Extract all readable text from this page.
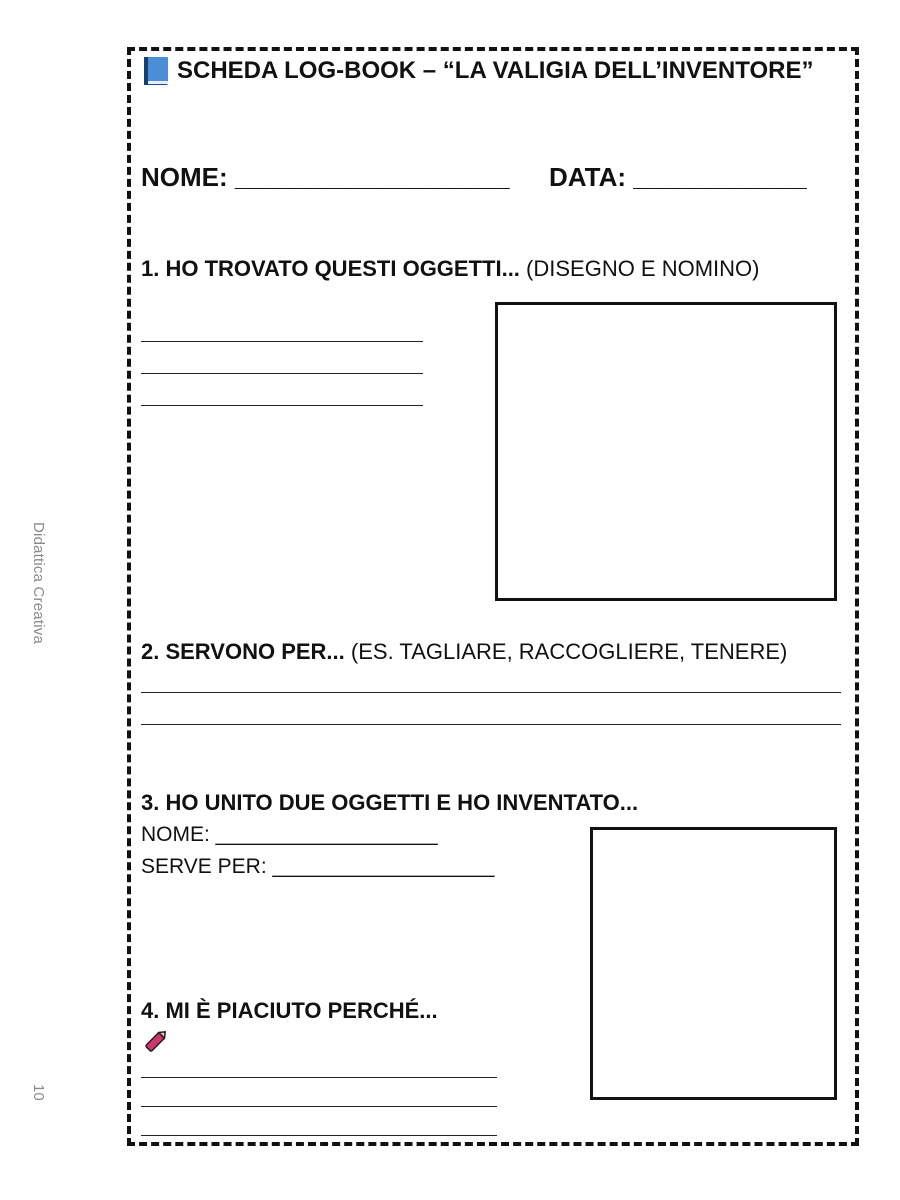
Didattica Creativa
10
SCHEDA LOG-BOOK – “LA VALIGIA DELL’INVENTORE”
NOME: ___________________ DATA: ____________
1. HO TROVATO QUESTI OGGETTI... (DISEGNO E NOMINO)
2. SERVONO PER... (ES. TAGLIARE, RACCOGLIERE, TENERE)
3. HO UNITO DUE OGGETTI E HO INVENTATO...
NOME: ___________________
SERVE PER: ___________________
4. MI È PIACIUTO PERCHÉ...
